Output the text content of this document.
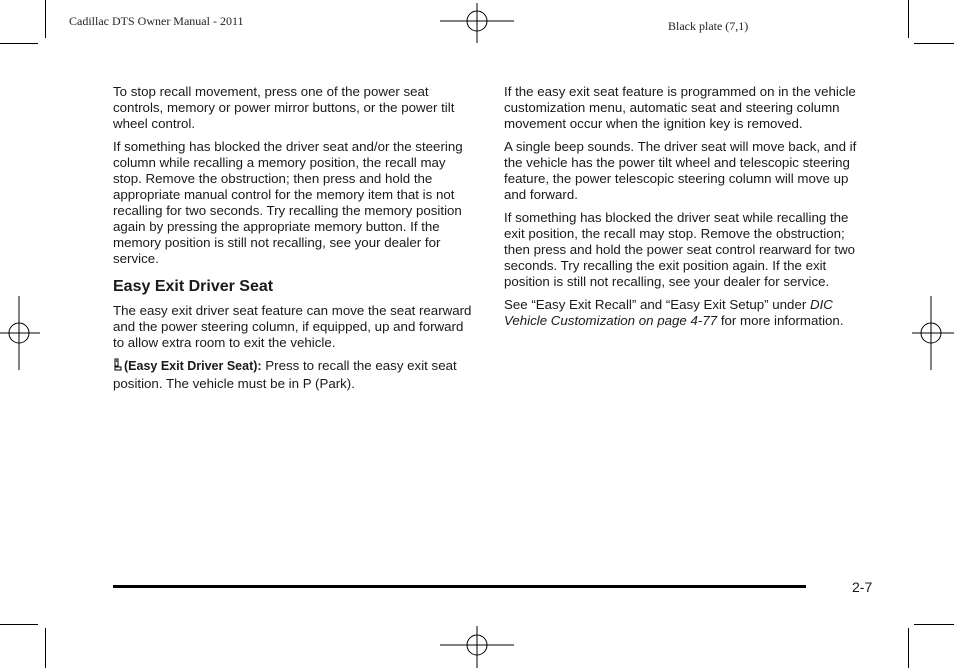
Cadillac DTS Owner Manual - 2011	Black plate (7,1)

To stop recall movement, press one of the power seat controls, memory or power mirror buttons, or the power tilt wheel control.

If something has blocked the driver seat and/or the steering column while recalling a memory position, the recall may stop. Remove the obstruction; then press and hold the appropriate manual control for the memory item that is not recalling for two seconds. Try recalling the memory position again by pressing the appropriate memory button. If the memory position is still not recalling, see your dealer for service.

Easy Exit Driver Seat

The easy exit driver seat feature can move the seat rearward and the power steering column, if equipped, up and forward to allow extra room to exit the vehicle.

(Easy Exit Driver Seat): Press to recall the easy exit seat position. The vehicle must be in P (Park).

If the easy exit seat feature is programmed on in the vehicle customization menu, automatic seat and steering column movement occur when the ignition key is removed.

A single beep sounds. The driver seat will move back, and if the vehicle has the power tilt wheel and telescopic steering feature, the power telescopic steering column will move up and forward.

If something has blocked the driver seat while recalling the exit position, the recall may stop. Remove the obstruction; then press and hold the power seat control rearward for two seconds. Try recalling the exit position again. If the exit position is still not recalling, see your dealer for service.

See “Easy Exit Recall” and “Easy Exit Setup” under DIC Vehicle Customization on page 4-77 for more information.

2-7
